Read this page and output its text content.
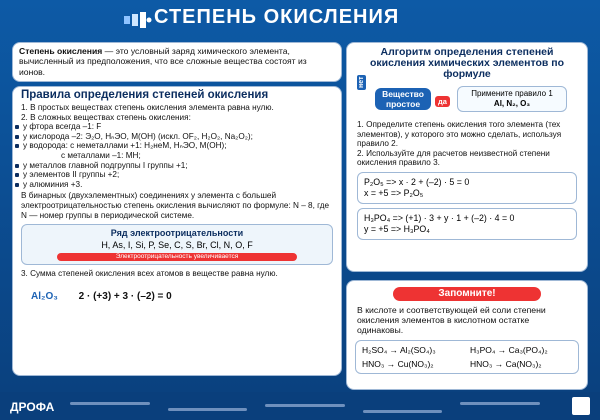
СТЕПЕНЬ ОКИСЛЕНИЯ
Степень окисления — это условный заряд химического элемента, вычисленный из предположения, что все сложные вещества состоят из ионов.
Правила определения степеней окисления
1. В простых веществах степень окисления элемента равна нулю.
2. В сложных веществах степень окисления:
у фтора всегда –1: F
у кислорода –2: Э₂O, HₙЭO, M(OH) (искл. OF₂, H₂O₂, Na₂O₂);
у водорода: с неметаллами +1: H₂неМ, HₙЭO, M(OH);
с металлами –1: MH;
у металлов главной подгруппы I группы +1;
у элементов II группы +2;
у алюминия +3.
В бинарных (двухэлементных) соединениях у элемента с большей электроотрицательностью степень окисления вычисляют по формуле: N – 8, где N — номер группы в периодической системе.
Ряд электроотрицательности
H, As, I, Si, P, Se, C, S, Br, Cl, N, O, F
Электроотрицательность увеличивается
3. Сумма степеней окисления всех атомов в веществе равна нулю.
Al₂O₃ 2 · (+3) + 3 · (–2) = 0
Алгоритм определения степеней окисления химических элементов по формуле
нет
Вещество простое	да
Примените правило 1
Al, N₂, O₃
1. Определите степень окисления того элемента (тех элементов), у которого это можно сделать, используя правило 2.
2. Используйте для расчетов неизвестной степени окисления правило 3.
P₂O₅ => x · 2 + (–2) · 5 = 0
x = +5 => P₂O₅
H₃PO₄ => (+1) · 3 + y · 1 + (–2) · 4 = 0
y = +5 => H₃PO₄
Запомните!
В кислоте и соответствующей ей соли степени окисления элементов в кислотном остатке одинаковы.
H₂SO₄ → Al₂(SO₄)₃	H₃PO₄ → Ca₃(PO₄)₂
HNO₃ → Cu(NO₃)₂	HNO₃ → Ca(NO₃)₂
ДРОФА
